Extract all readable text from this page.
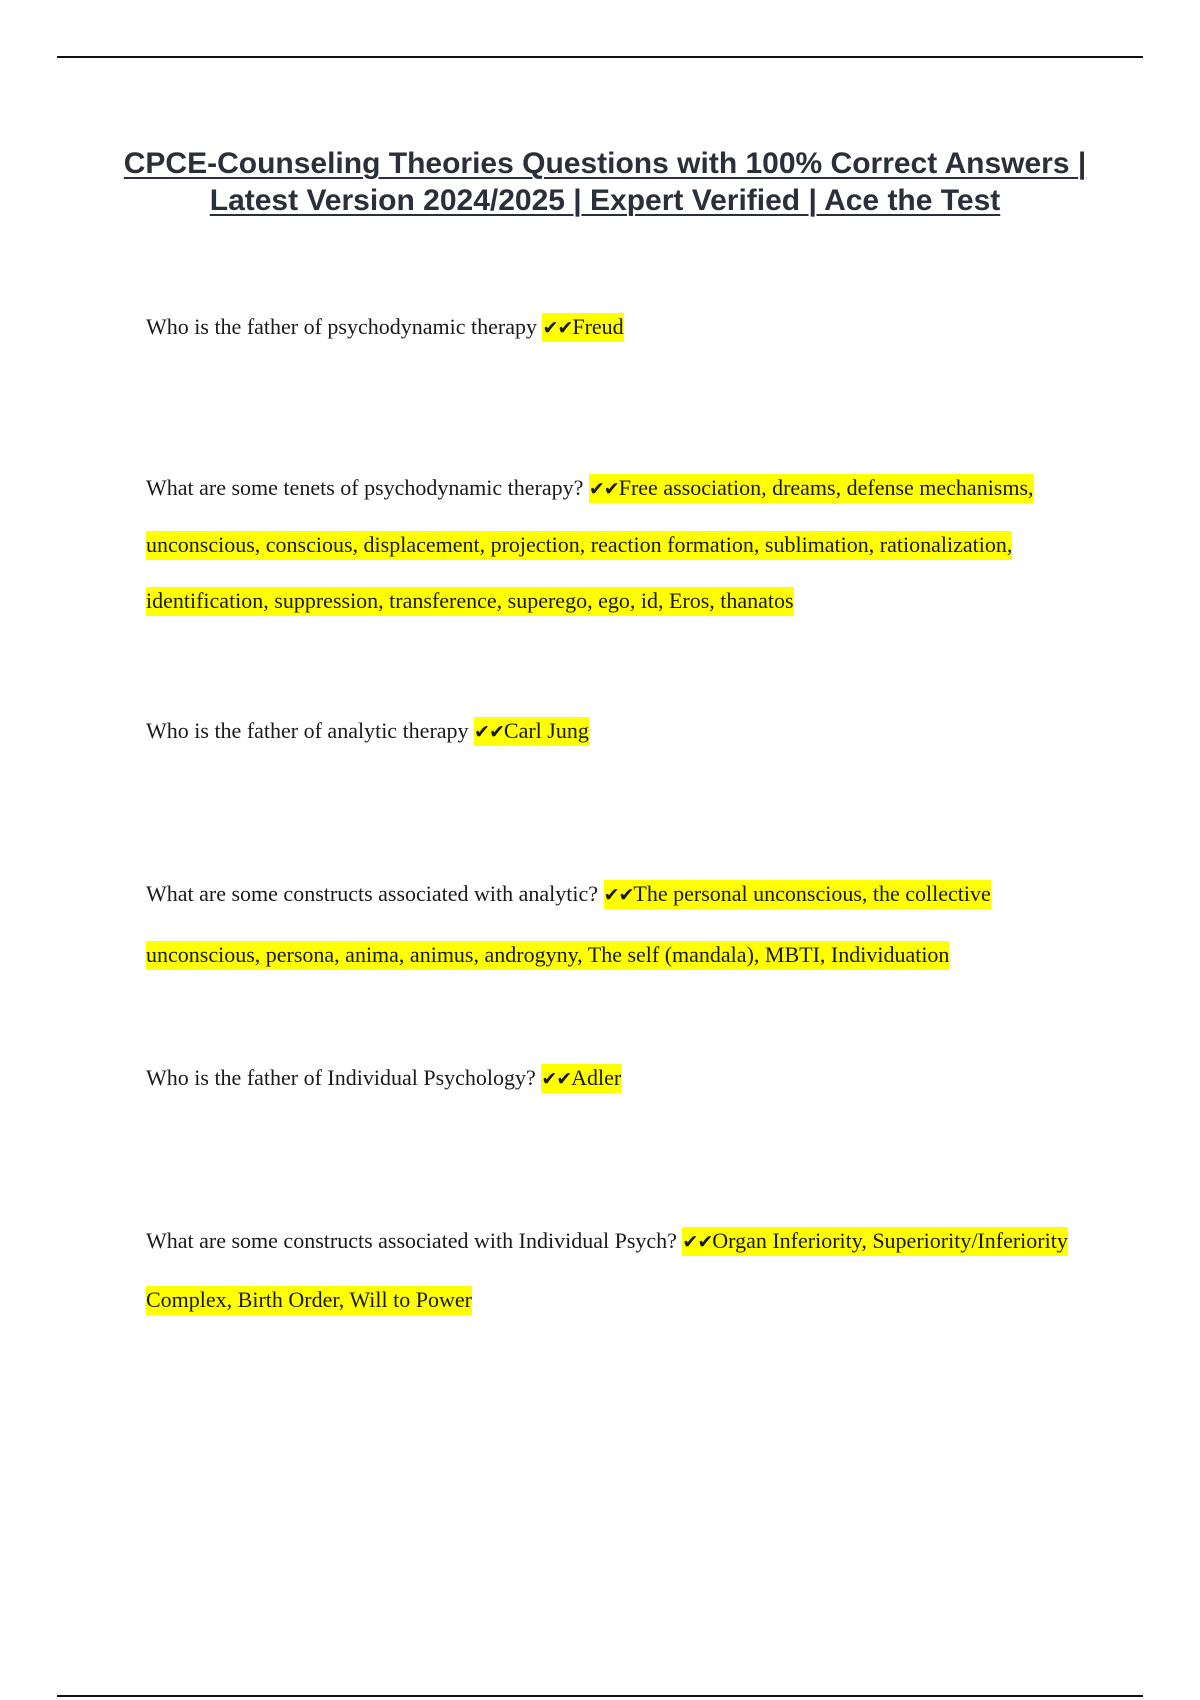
CPCE-Counseling Theories Questions with 100% Correct Answers | Latest Version 2024/2025 | Expert Verified | Ace the Test

Who is the father of psychodynamic therapy ✔✔Freud

What are some tenets of psychodynamic therapy? ✔✔Free association, dreams, defense mechanisms, unconscious, conscious, displacement, projection, reaction formation, sublimation, rationalization, identification, suppression, transference, superego, ego, id, Eros, thanatos

Who is the father of analytic therapy ✔✔Carl Jung

What are some constructs associated with analytic? ✔✔The personal unconscious, the collective unconscious, persona, anima, animus, androgyny, The self (mandala), MBTI, Individuation

Who is the father of Individual Psychology? ✔✔Adler

What are some constructs associated with Individual Psych? ✔✔Organ Inferiority, Superiority/Inferiority Complex, Birth Order, Will to Power
